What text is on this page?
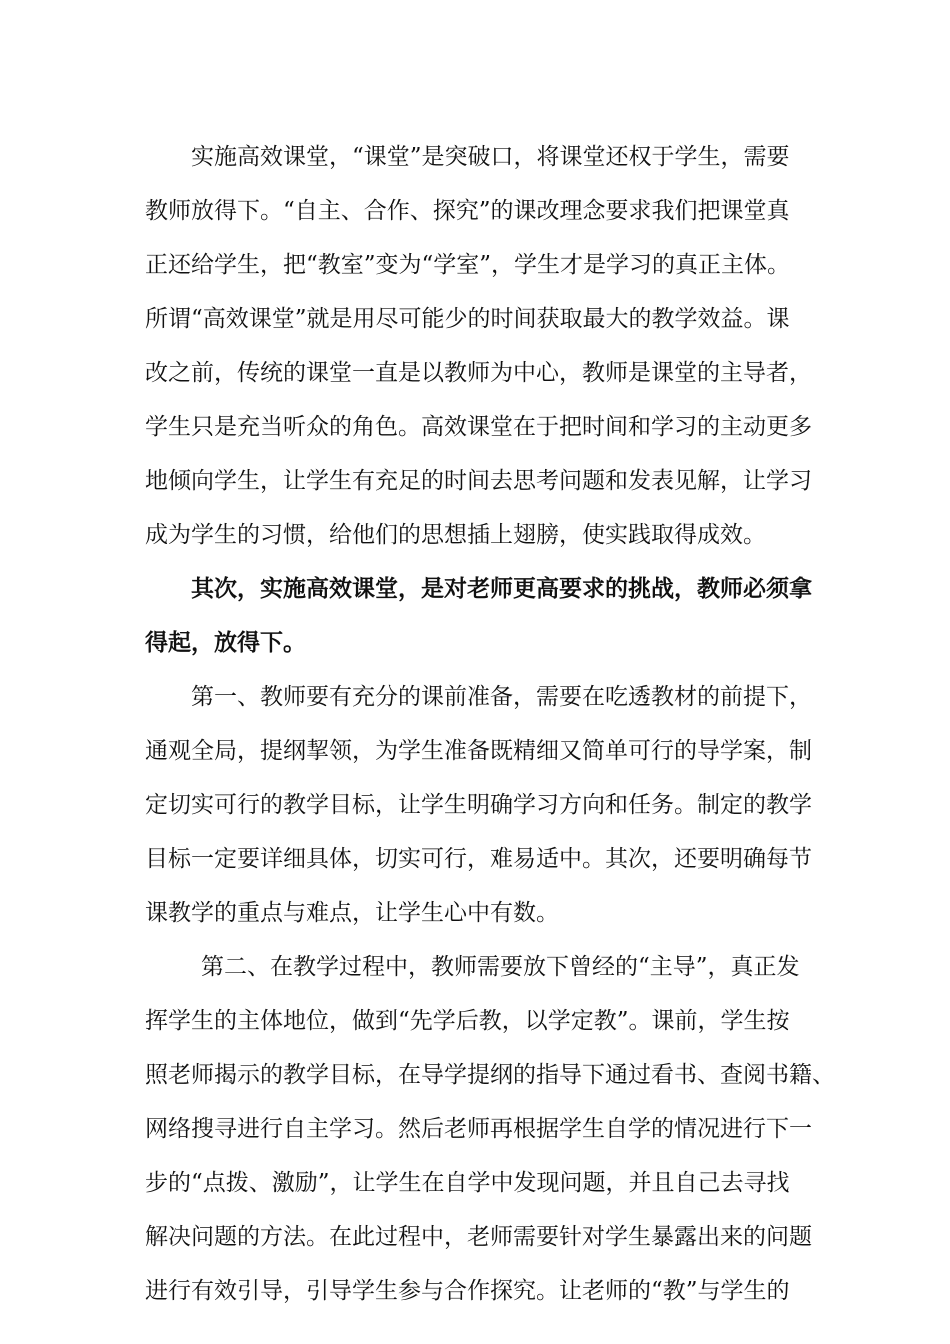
实施高效课堂，“课堂”是突破口，将课堂还权于学生，需要
教师放得下。“自主、合作、探究”的课改理念要求我们把课堂真
正还给学生，把“教室”变为“学室”，学生才是学习的真正主体。
所谓“高效课堂”就是用尽可能少的时间获取最大的教学效益。课
改之前，传统的课堂一直是以教师为中心，教师是课堂的主导者，
学生只是充当听众的角色。高效课堂在于把时间和学习的主动更多
地倾向学生，让学生有充足的时间去思考问题和发表见解，让学习
成为学生的习惯，给他们的思想插上翅膀，使实践取得成效。
其次，实施高效课堂，是对老师更高要求的挑战，教师必须拿
得起，放得下。
第一、教师要有充分的课前准备，需要在吃透教材的前提下，
通观全局，提纲挈领，为学生准备既精细又简单可行的导学案，制
定切实可行的教学目标，让学生明确学习方向和任务。制定的教学
目标一定要详细具体，切实可行，难易适中。其次，还要明确每节
课教学的重点与难点，让学生心中有数。
第二、在教学过程中，教师需要放下曾经的“主导”，真正发
挥学生的主体地位，做到“先学后教，以学定教”。课前，学生按
照老师揭示的教学目标，在导学提纲的指导下通过看书、查阅书籍、
网络搜寻进行自主学习。然后老师再根据学生自学的情况进行下一
步的“点拨、激励”，让学生在自学中发现问题，并且自己去寻找
解决问题的方法。在此过程中，老师需要针对学生暴露出来的问题
进行有效引导，引导学生参与合作探究。让老师的“教”与学生的
